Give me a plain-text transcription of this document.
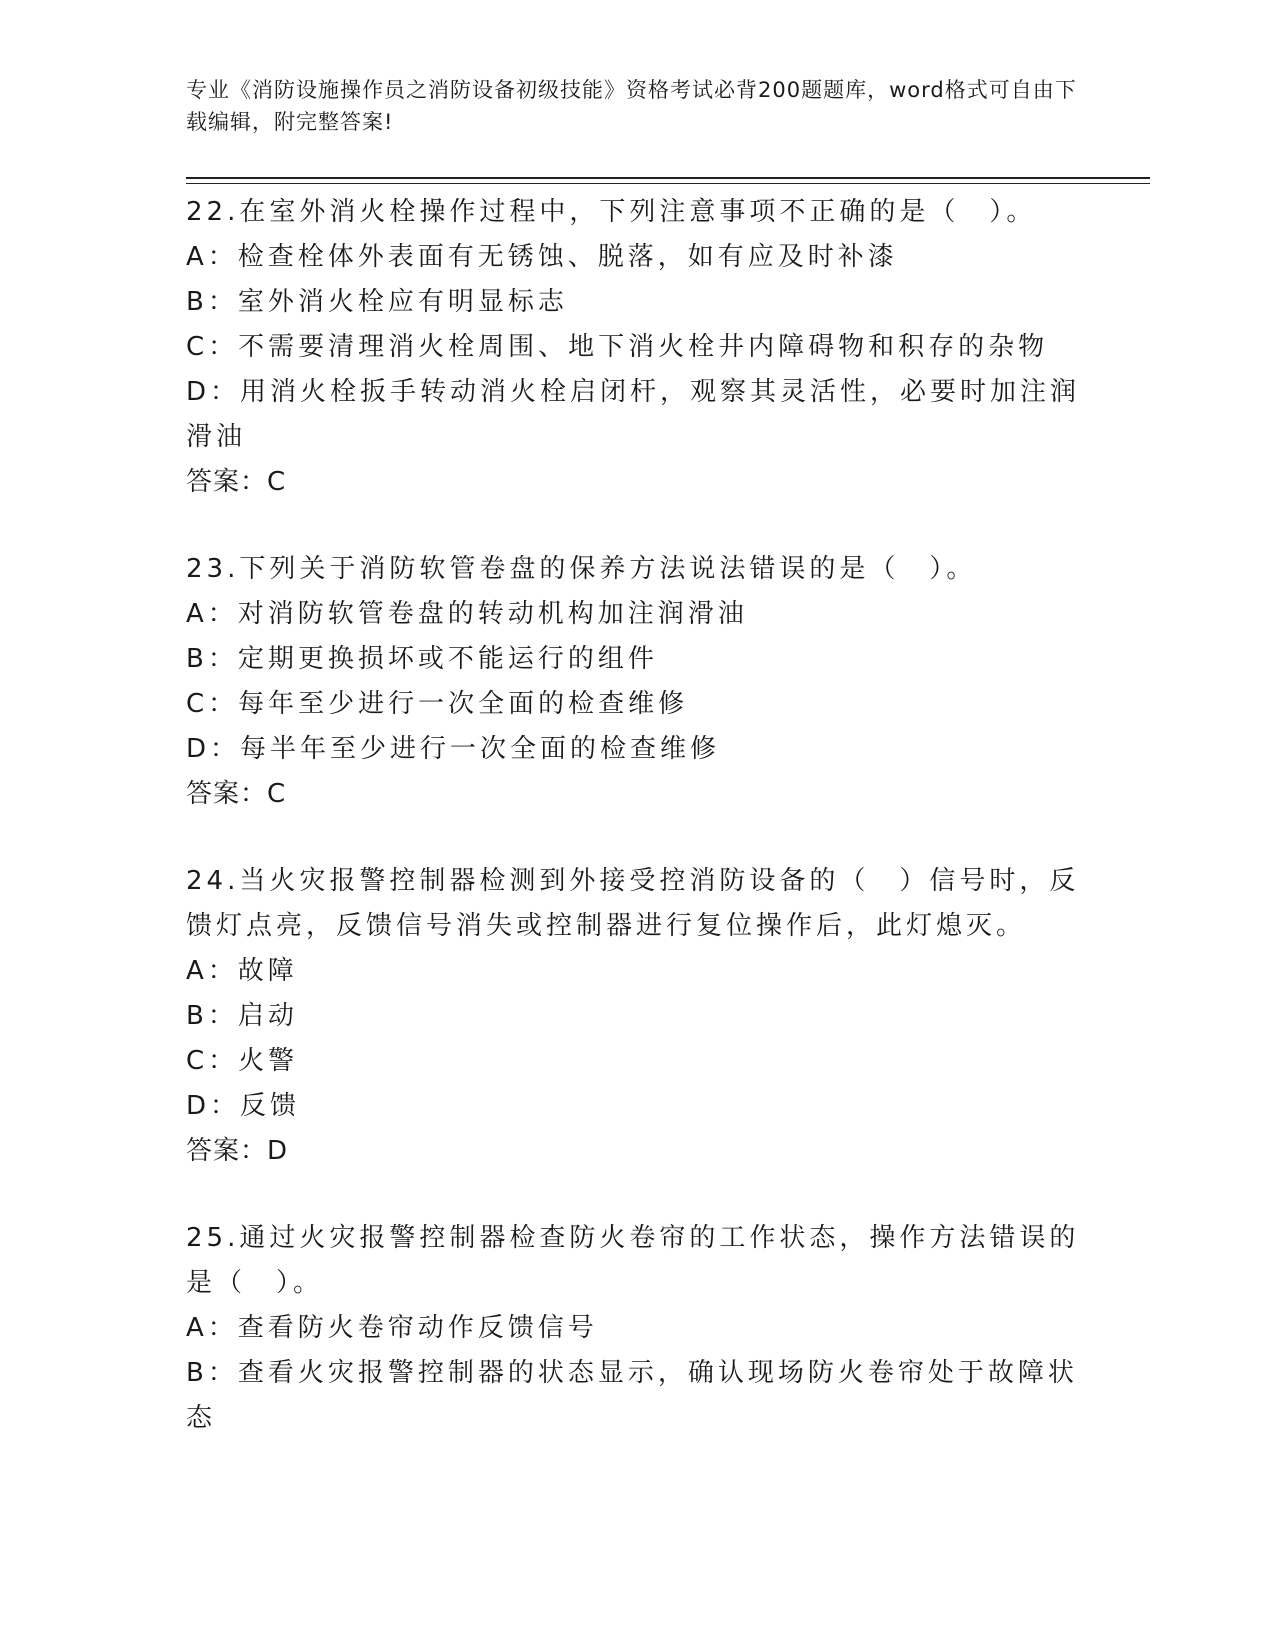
专业《消防设施操作员之消防设备初级技能》资格考试必背200题题库，word格式可自由下载编辑，附完整答案!

22.在室外消火栓操作过程中，下列注意事项不正确的是（　）。

A：检查栓体外表面有无锈蚀、脱落，如有应及时补漆

B：室外消火栓应有明显标志

C：不需要清理消火栓周围、地下消火栓井内障碍物和积存的杂物

D：用消火栓扳手转动消火栓启闭杆，观察其灵活性，必要时加注润滑油

答案：C

23.下列关于消防软管卷盘的保养方法说法错误的是（　）。

A：对消防软管卷盘的转动机构加注润滑油

B：定期更换损坏或不能运行的组件

C：每年至少进行一次全面的检查维修

D：每半年至少进行一次全面的检查维修

答案：C

24.当火灾报警控制器检测到外接受控消防设备的（　）信号时，反馈灯点亮，反馈信号消失或控制器进行复位操作后，此灯熄灭。

A：故障

B：启动

C：火警

D：反馈

答案：D

25.通过火灾报警控制器检查防火卷帘的工作状态，操作方法错误的是（　）。

A：查看防火卷帘动作反馈信号

B：查看火灾报警控制器的状态显示，确认现场防火卷帘处于故障状态
